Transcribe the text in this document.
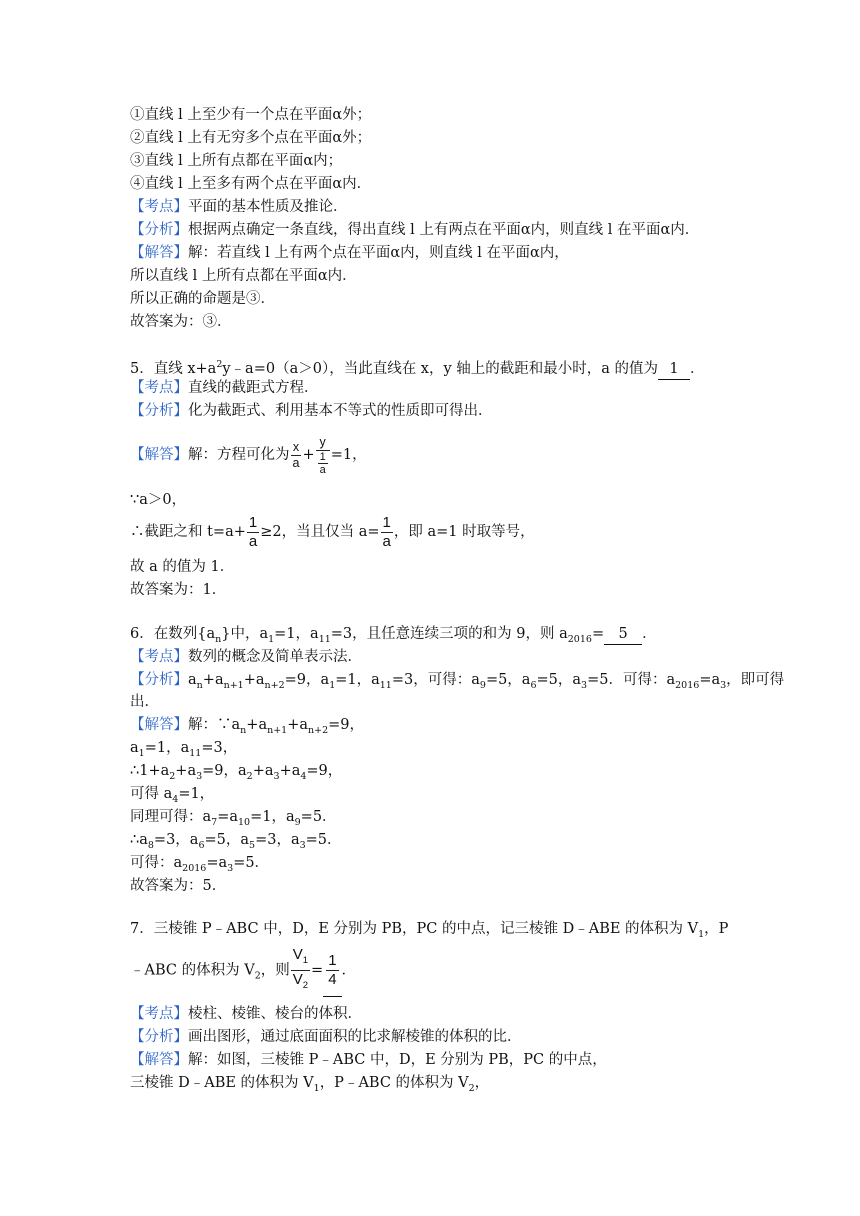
①直线 l 上至少有一个点在平面α外；
②直线 l 上有无穷多个点在平面α外；
③直线 l 上所有点都在平面α内；
④直线 l 上至多有两个点在平面α内．
【考点】平面的基本性质及推论．
【分析】根据两点确定一条直线，得出直线 l 上有两点在平面α内，则直线 l 在平面α内．
【解答】解：若直线 l 上有两个点在平面α内，则直线 l 在平面α内，
所以直线 l 上所有点都在平面α内．
所以正确的命题是③．
故答案为：③．
5．直线 $x+a^2y﹣a=0(a>0)$，当此直线在 x，y 轴上的截距和最小时，a 的值为 1 ．
【考点】直线的截距式方程．
【分析】化为截距式、利用基本不等式的性质即可得出．
【解答】解：方程可化为 $\frac{x}{a} + \frac{y}{\frac{1}{a}} =1$，
∵a＞0，
∴截距之和 $t=a+ \frac{1}{a} \ge 2$，当且仅当 $a= \frac{1}{a}$ ，即 a=1 时取等号，
故 a 的值为 1．
故答案为：1．
6．在数列$\{a_n\}$中，$a_1=1$，$a_{11}=3$，且任意连续三项的和为 9，则 $a_{2016}= 5$ ．
【考点】数列的概念及简单表示法．
【分析】$a_n+a_{n+1}+a_{n+2}=9$，$a_1=1$，$a_{11}=3$，可得：$a_9=5$，$a_6=5$，$a_3=5$．可得：$a_{2016}=a_3$，即可得
出．
【解答】解：$\because a_n+a_{n+1}+a_{n+2}=9$，
$a_1=1$，$a_{11}=3$，
$\therefore 1+a_2+a_3=9$，$a_2+a_3+a_4=9$，
可得 $a_4=1$，
同理可得：$a_7=a_{10}=1$，$a_9=5$．
$\therefore a_8=3$，$a_6=5$，$a_5=3$，$a_3=5$．
可得：$a_{2016}=a_3=5$．
故答案为：5．
7．三棱锥 P﹣ABC 中，D，E 分别为 PB，PC 的中点，记三棱锥 D﹣ABE 的体积为 $V_1$，P
﹣ABC 的体积为 $V_2$，则 $\frac{V_1}{V_2} = \frac{1}{4}$ ．
【考点】棱柱、棱锥、棱台的体积．
【分析】画出图形，通过底面面积的比求解棱锥的体积的比．
【解答】解：如图，三棱锥 P﹣ABC 中，D，E 分别为 PB，PC 的中点，
三棱锥 D﹣ABE 的体积为 $V_1$，P﹣ABC 的体积为 $V_2$，
